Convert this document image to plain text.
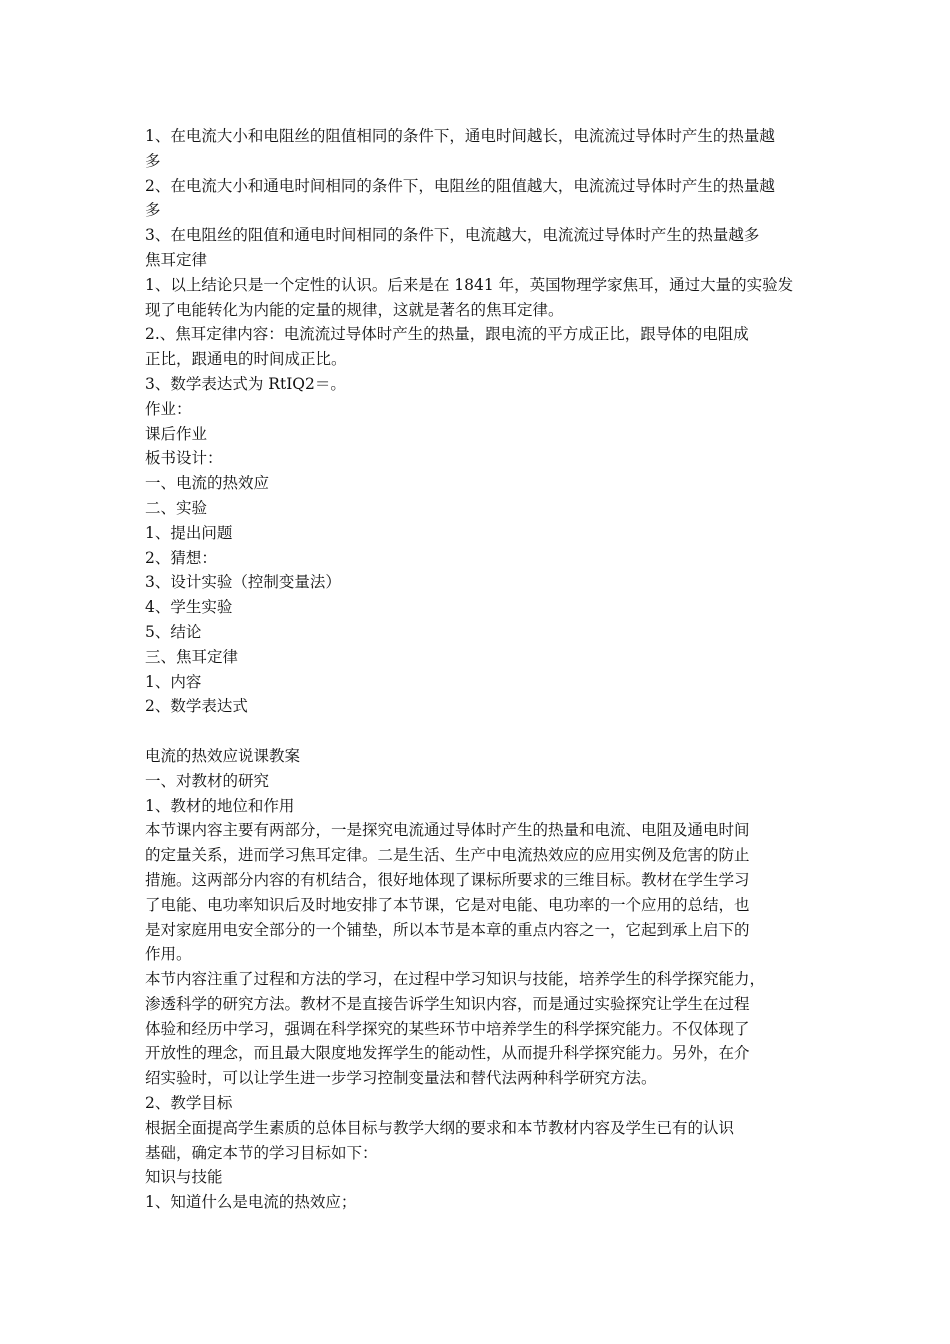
1、在电流大小和电阻丝的阻值相同的条件下，通电时间越长，电流流过导体时产生的热量越
多
2、在电流大小和通电时间相同的条件下，电阻丝的阻值越大，电流流过导体时产生的热量越
多
3、在电阻丝的阻值和通电时间相同的条件下，电流越大，电流流过导体时产生的热量越多
焦耳定律
1、以上结论只是一个定性的认识。后来是在 1841 年，英国物理学家焦耳，通过大量的实验发
现了电能转化为内能的定量的规律，这就是著名的焦耳定律。
2.、焦耳定律内容：电流流过导体时产生的热量，跟电流的平方成正比，跟导体的电阻成
正比，跟通电的时间成正比。
3、数学表达式为 RtIQ2＝。
作业：
课后作业
板书设计：
一、电流的热效应
二、实验
1、提出问题
2、猜想：
3、设计实验（控制变量法）
4、学生实验
5、结论
三、焦耳定律
1、内容
2、数学表达式
电流的热效应说课教案
一、对教材的研究
1、教材的地位和作用
本节课内容主要有两部分，一是探究电流通过导体时产生的热量和电流、电阻及通电时间
的定量关系，进而学习焦耳定律。二是生活、生产中电流热效应的应用实例及危害的防止
措施。这两部分内容的有机结合，很好地体现了课标所要求的三维目标。教材在学生学习
了电能、电功率知识后及时地安排了本节课，它是对电能、电功率的一个应用的总结，也
是对家庭用电安全部分的一个铺垫，所以本节是本章的重点内容之一，它起到承上启下的
作用。
本节内容注重了过程和方法的学习，在过程中学习知识与技能，培养学生的科学探究能力，
渗透科学的研究方法。教材不是直接告诉学生知识内容，而是通过实验探究让学生在过程
体验和经历中学习，强调在科学探究的某些环节中培养学生的科学探究能力。不仅体现了
开放性的理念，而且最大限度地发挥学生的能动性，从而提升科学探究能力。另外，在介
绍实验时，可以让学生进一步学习控制变量法和替代法两种科学研究方法。
2、教学目标
根据全面提高学生素质的总体目标与教学大纲的要求和本节教材内容及学生已有的认识
基础，确定本节的学习目标如下：
知识与技能
1、知道什么是电流的热效应；
